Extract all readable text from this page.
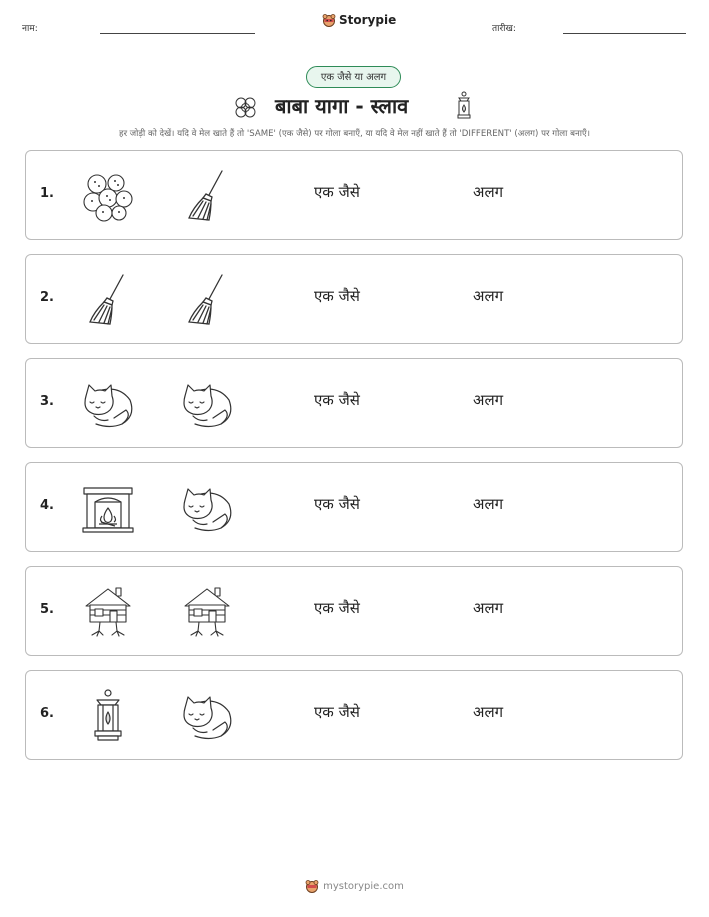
नाम:
Storypie
तारीख:
एक जैसे या अलग
बाबा यागा - स्लाव
हर जोड़ी को देखें। यदि वे मेल खाते हैं तो 'SAME' (एक जैसे) पर गोला बनाएँ, या यदि वे मेल नहीं खाते हैं तो 'DIFFERENT' (अलग) पर गोला बनाएँ।
1.	एक जैसे	अलग
2.	एक जैसे	अलग
3.	एक जैसे	अलग
4.	एक जैसे	अलग
5.	एक जैसे	अलग
6.	एक जैसे	अलग
mystorypie.com
